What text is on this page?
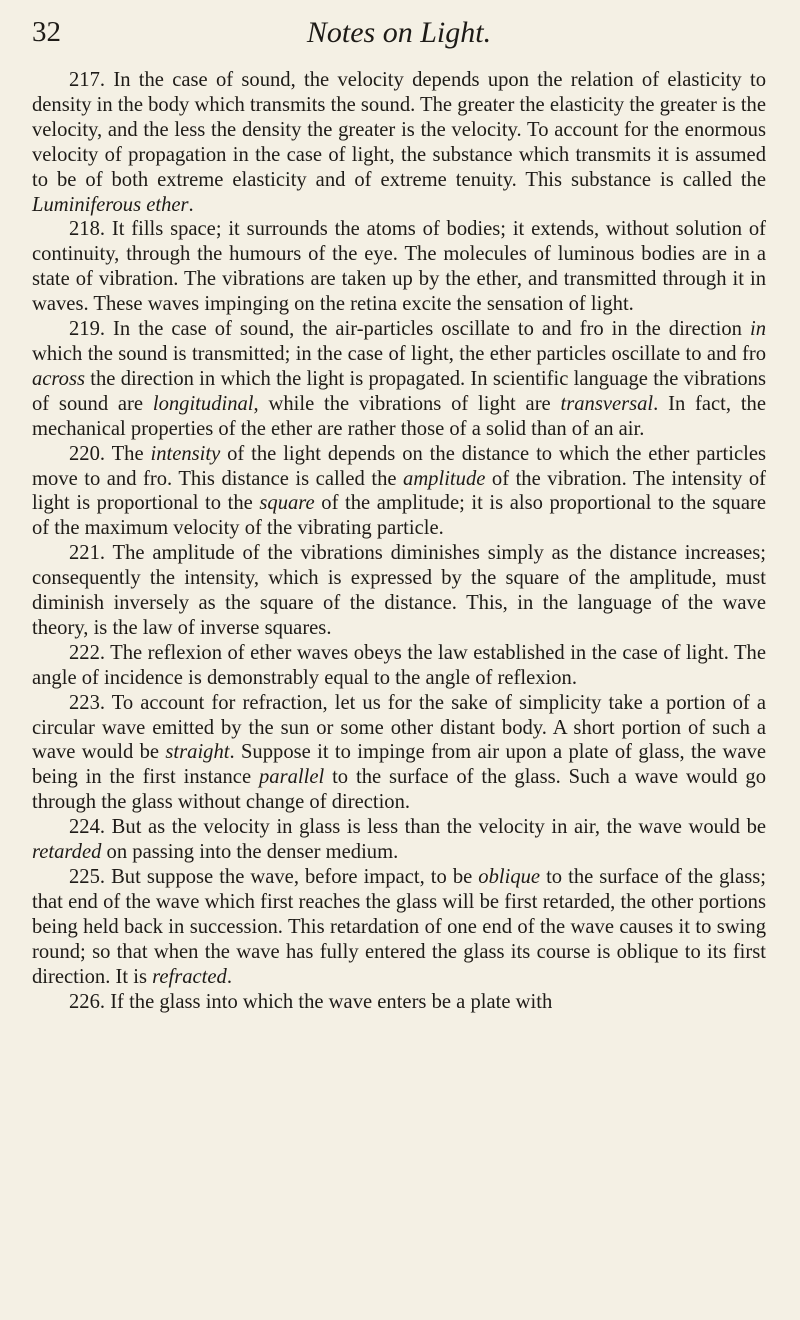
32	Notes on Light.

217. In the case of sound, the velocity depends upon the relation of elasticity to density in the body which transmits the sound. The greater the elasticity the greater is the velocity, and the less the density the greater is the velocity. To account for the enormous velocity of propagation in the case of light, the substance which transmits it is assumed to be of both extreme elasticity and of extreme tenuity. This substance is called the Luminiferous ether.

218. It fills space; it surrounds the atoms of bodies; it extends, without solution of continuity, through the humours of the eye. The molecules of luminous bodies are in a state of vibration. The vibrations are taken up by the ether, and transmitted through it in waves. These waves impinging on the retina excite the sensation of light.

219. In the case of sound, the air-particles oscillate to and fro in the direction in which the sound is transmitted; in the case of light, the ether particles oscillate to and fro across the direction in which the light is propagated. In scientific language the vibrations of sound are longitudinal, while the vibrations of light are transversal. In fact, the mechanical properties of the ether are rather those of a solid than of an air.

220. The intensity of the light depends on the distance to which the ether particles move to and fro. This distance is called the amplitude of the vibration. The intensity of light is proportional to the square of the amplitude; it is also proportional to the square of the maximum velocity of the vibrating particle.

221. The amplitude of the vibrations diminishes simply as the distance increases; consequently the intensity, which is expressed by the square of the amplitude, must diminish inversely as the square of the distance. This, in the language of the wave theory, is the law of inverse squares.

222. The reflexion of ether waves obeys the law established in the case of light. The angle of incidence is demonstrably equal to the angle of reflexion.

223. To account for refraction, let us for the sake of simplicity take a portion of a circular wave emitted by the sun or some other distant body. A short portion of such a wave would be straight. Suppose it to impinge from air upon a plate of glass, the wave being in the first instance parallel to the surface of the glass. Such a wave would go through the glass without change of direction.

224. But as the velocity in glass is less than the velocity in air, the wave would be retarded on passing into the denser medium.

225. But suppose the wave, before impact, to be oblique to the surface of the glass; that end of the wave which first reaches the glass will be first retarded, the other portions being held back in succession. This retardation of one end of the wave causes it to swing round; so that when the wave has fully entered the glass its course is oblique to its first direction. It is refracted.

226. If the glass into which the wave enters be a plate with
